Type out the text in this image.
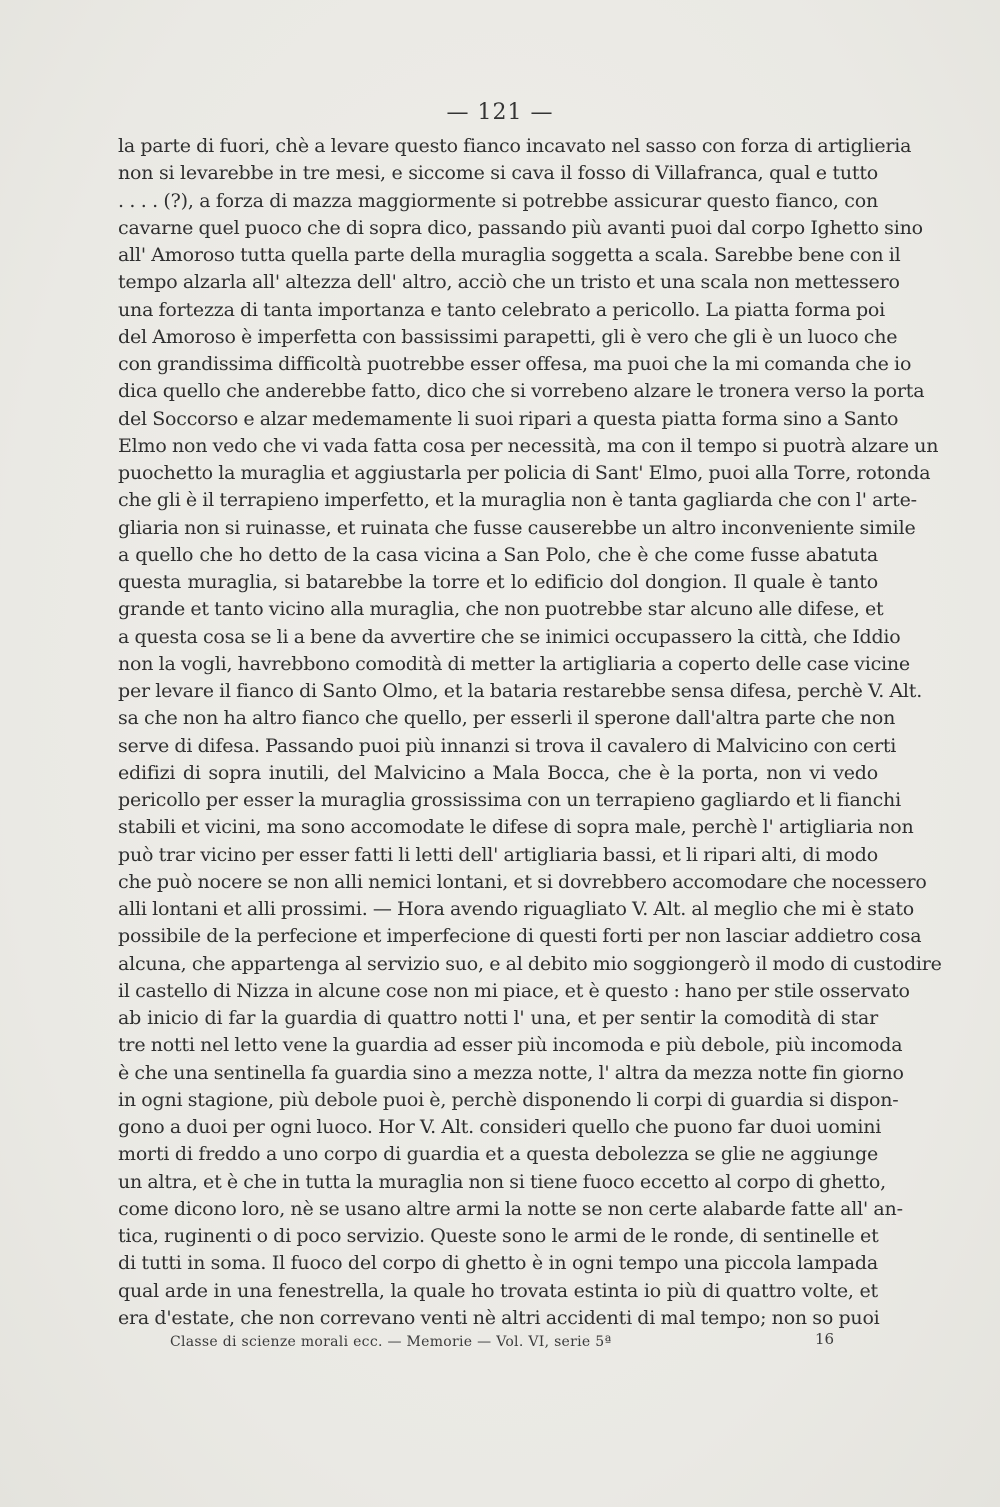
— 121 —
la parte di fuori, chè a levare questo fianco incavato nel sasso con forza di artiglieria
non si levarebbe in tre mesi, e siccome si cava il fosso di Villafranca, qual e tutto
. . . . (?), a forza di mazza maggiormente si potrebbe assicurar questo fianco, con
cavarne quel puoco che di sopra dico, passando più avanti puoi dal corpo Ighetto sino
all' Amoroso tutta quella parte della muraglia soggetta a scala. Sarebbe bene con il
tempo alzarla all' altezza dell' altro, acciò che un tristo et una scala non mettessero
una fortezza di tanta importanza e tanto celebrato a pericollo. La piatta forma poi
del Amoroso è imperfetta con bassissimi parapetti, gli è vero che gli è un luoco che
con grandissima difficoltà puotrebbe esser offesa, ma puoi che la mi comanda che io
dica quello che anderebbe fatto, dico che si vorrebeno alzare le tronera verso la porta
del Soccorso e alzar medemamente li suoi ripari a questa piatta forma sino a Santo
Elmo non vedo che vi vada fatta cosa per necessità, ma con il tempo si puotrà alzare un
puochetto la muraglia et aggiustarla per policia di Sant' Elmo, puoi alla Torre, rotonda
che gli è il terrapieno imperfetto, et la muraglia non è tanta gagliarda che con l' arte-
gliaria non si ruinasse, et ruinata che fusse causerebbe un altro inconveniente simile
a quello che ho detto de la casa vicina a San Polo, che è che come fusse abatuta
questa muraglia, si batarebbe la torre et lo edificio dol dongion. Il quale è tanto
grande et tanto vicino alla muraglia, che non puotrebbe star alcuno alle difese, et
a questa cosa se li a bene da avvertire che se inimici occupassero la città, che Iddio
non la vogli, havrebbono comodità di metter la artigliaria a coperto delle case vicine
per levare il fianco di Santo Olmo, et la bataria restarebbe sensa difesa, perchè V. Alt.
sa che non ha altro fianco che quello, per esserli il sperone dall'altra parte che non
serve di difesa. Passando puoi più innanzi si trova il cavalero di Malvicino con certi
edifizi di sopra inutili, del Malvicino a Mala Bocca, che è la porta, non vi vedo
pericollo per esser la muraglia grossissima con un terrapieno gagliardo et li fianchi
stabili et vicini, ma sono accomodate le difese di sopra male, perchè l' artigliaria non
può trar vicino per esser fatti li letti dell' artigliaria bassi, et li ripari alti, di modo
che può nocere se non alli nemici lontani, et si dovrebbero accomodare che nocessero
alli lontani et alli prossimi. — Hora avendo riguagliato V. Alt. al meglio che mi è stato
possibile de la perfecione et imperfecione di questi forti per non lasciar addietro cosa
alcuna, che appartenga al servizio suo, e al debito mio soggiongerò il modo di custodire
il castello di Nizza in alcune cose non mi piace, et è questo : hano per stile osservato
ab inicio di far la guardia di quattro notti l' una, et per sentir la comodità di star
tre notti nel letto vene la guardia ad esser più incomoda e più debole, più incomoda
è che una sentinella fa guardia sino a mezza notte, l' altra da mezza notte fin giorno
in ogni stagione, più debole puoi è, perchè disponendo li corpi di guardia si dispon-
gono a duoi per ogni luoco. Hor V. Alt. consideri quello che puono far duoi uomini
morti di freddo a uno corpo di guardia et a questa debolezza se glie ne aggiunge
un altra, et è che in tutta la muraglia non si tiene fuoco eccetto al corpo di ghetto,
come dicono loro, nè se usano altre armi la notte se non certe alabarde fatte all' an-
tica, ruginenti o di poco servizio. Queste sono le armi de le ronde, di sentinelle et
di tutti in soma. Il fuoco del corpo di ghetto è in ogni tempo una piccola lampada
qual arde in una fenestrella, la quale ho trovata estinta io più di quattro volte, et
era d'estate, che non correvano venti nè altri accidenti di mal tempo; non so puoi
Classe di scienze morali ecc. — Memorie — Vol. VI, serie 5ª	16
